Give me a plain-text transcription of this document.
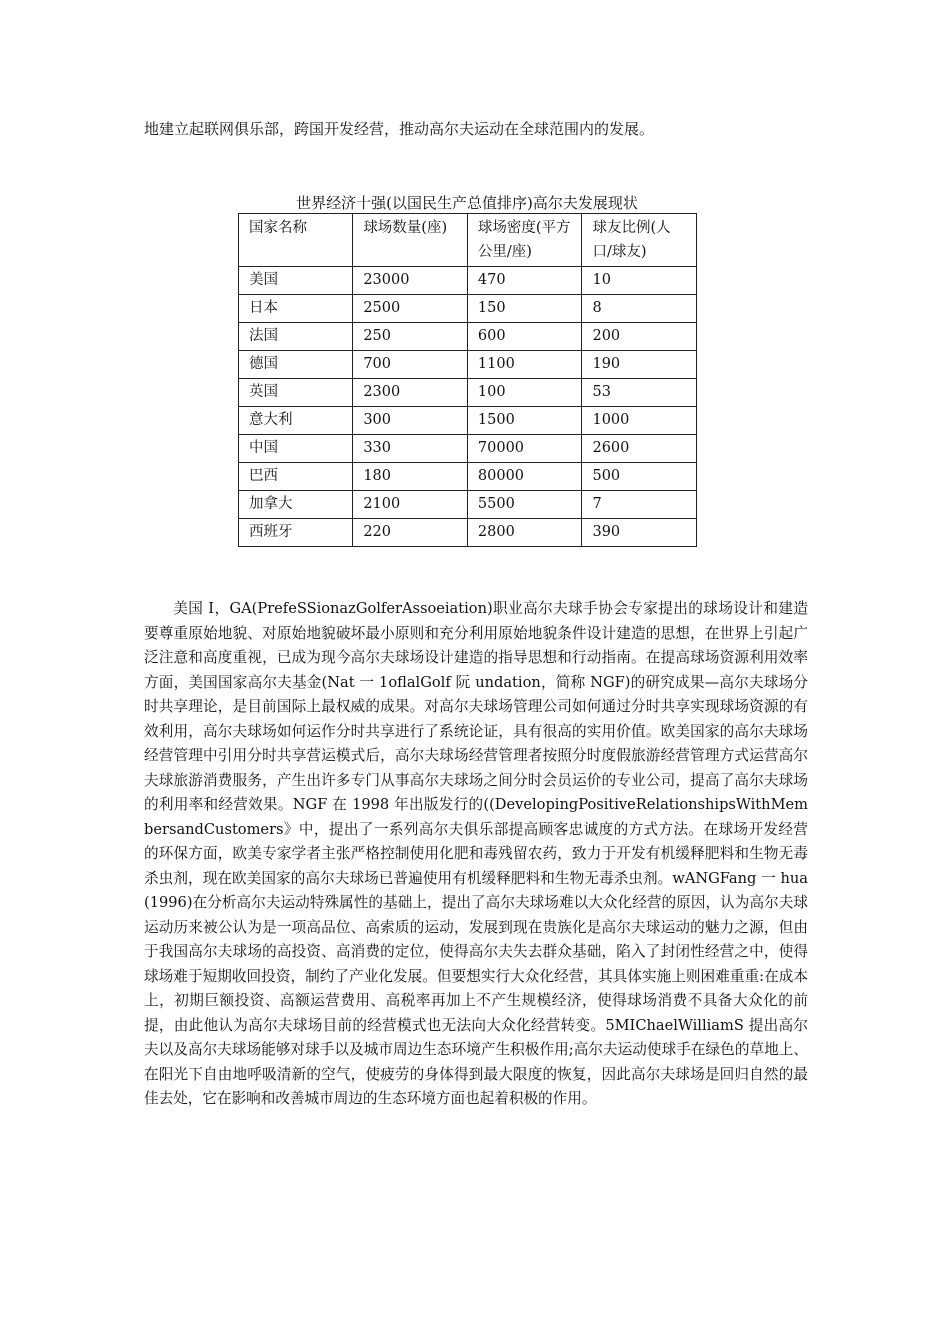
地建立起联网俱乐部，跨国开发经营，推动高尔夫运动在全球范围内的发展。

世界经济十强(以国民生产总值排序)高尔夫发展现状
国家名称	球场数量(座)	球场密度(平方公里/座)	球友比例(人口/球友)
美国	23000	470	10
日本	2500	150	8
法国	250	600	200
德国	700	1100	190
英国	2300	100	53
意大利	300	1500	1000
中国	330	70000	2600
巴西	180	80000	500
加拿大	2100	5500	7
西班牙	220	2800	390

美国 I，GA(PrefeSSionazGolferAssoeiation)职业高尔夫球手协会专家提出的球场设计和建造要尊重原始地貌、对原始地貌破坏最小原则和充分利用原始地貌条件设计建造的思想，在世界上引起广泛注意和高度重视，已成为现今高尔夫球场设计建造的指导思想和行动指南。在提高球场资源利用效率方面，美国国家高尔夫基金(Nat 一 1oflalGolf 阮 undation，简称 NGF)的研究成果—高尔夫球场分时共享理论，是目前国际上最权威的成果。对高尔夫球场管理公司如何通过分时共享实现球场资源的有效利用，高尔夫球场如何运作分时共享进行了系统论证，具有很高的实用价值。欧美国家的高尔夫球场经营管理中引用分时共享营运模式后，高尔夫球场经营管理者按照分时度假旅游经营管理方式运营高尔夫球旅游消费服务，产生出许多专门从事高尔夫球场之间分时会员运价的专业公司，提高了高尔夫球场的利用率和经营效果。NGF 在 1998 年出版发行的((DevelopingPositiveRelationshipsWithMembersandCustomers》中，提出了一系列高尔夫俱乐部提高顾客忠诚度的方式方法。在球场开发经营的环保方面，欧美专家学者主张严格控制使用化肥和毒残留农药，致力于开发有机缓释肥料和生物无毒杀虫剂，现在欧美国家的高尔夫球场已普遍使用有机缓释肥料和生物无毒杀虫剂。wANGFang 一 hua(1996)在分析高尔夫运动特殊属性的基础上，提出了高尔夫球场难以大众化经营的原因，认为高尔夫球运动历来被公认为是一项高品位、高索质的运动，发展到现在贵族化是高尔夫球运动的魅力之源，但由于我国高尔夫球场的高投资、高消费的定位，使得高尔夫失去群众基础，陷入了封闭性经营之中，使得球场难于短期收回投资，制约了产业化发展。但要想实行大众化经营，其具体实施上则困难重重:在成本上，初期巨额投资、高额运营费用、高税率再加上不产生规模经济，使得球场消费不具备大众化的前提，由此他认为高尔夫球场目前的经营模式也无法向大众化经营转变。5MIChaelWilliamS 提出高尔夫以及高尔夫球场能够对球手以及城市周边生态环境产生积极作用;高尔夫运动使球手在绿色的草地上、在阳光下自由地呼吸清新的空气，使疲劳的身体得到最大限度的恢复，因此高尔夫球场是回归自然的最佳去处，它在影响和改善城市周边的生态环境方面也起着积极的作用。
